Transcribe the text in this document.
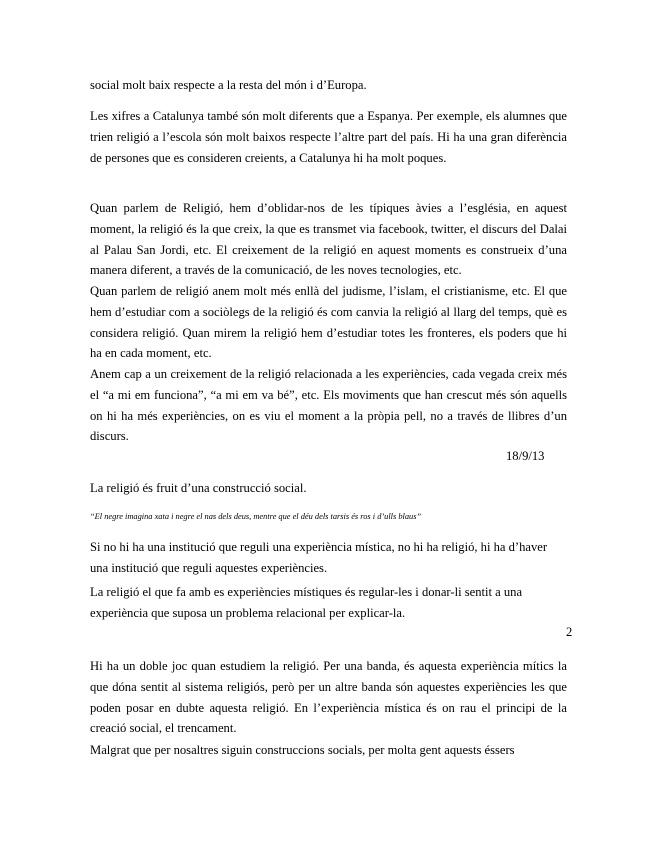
social molt baix respecte a la resta del món i d’Europa.

Les xifres a Catalunya també són molt diferents que a Espanya. Per exemple, els alumnes que trien religió a l’escola són molt baixos respecte l’altre part del país. Hi ha una gran diferència de persones que es consideren creients, a Catalunya hi ha molt poques.

Quan parlem de Religió, hem d’oblidar-nos de les típiques àvies a l’església, en aquest moment, la religió és la que creix, la que es transmet via facebook, twitter, el discurs del Dalai al Palau San Jordi, etc. El creixement de la religió en aquest moments es construeix d’una manera diferent, a través de la comunicació, de les noves tecnologies, etc.

Quan parlem de religió anem molt més enllà del judisme, l’islam, el cristianisme, etc. El que hem d’estudiar com a sociòlegs de la religió és com canvia la religió al llarg del temps, què es considera religió. Quan mirem la religió hem d’estudiar totes les fronteres, els poders que hi ha en cada moment, etc.

Anem cap a un creixement de la religió relacionada a les experiències, cada vegada creix més el “a mi em funciona”, “a mi em va bé”, etc. Els moviments que han crescut més són aquells on hi ha més experiències, on es viu el moment a la pròpia pell, no a través de llibres d’un discurs.

18/9/13

La religió és fruit d’una construcció social.

“El negre imagina xata i negre el nas dels deus, mentre que el déu dels tarsis és ros i d’ulls blaus”

Si no hi ha una institució que reguli una experiència mística, no hi ha religió, hi ha d’haver una institució que reguli aquestes experiències.

La religió el que fa amb es experiències místiques és regular-les i donar-li sentit a una experiència que suposa un problema relacional per explicar-la.

2

Hi ha un doble joc quan estudiem la religió. Per una banda, és aquesta experiència mítics la que dóna sentit al sistema religiós, però per un altre banda són aquestes experiències les que poden posar en dubte aquesta religió. En l’experiència mística és on rau el principi de la creació social, el trencament.

Malgrat que per nosaltres siguin construccions socials, per molta gent aquests éssers
